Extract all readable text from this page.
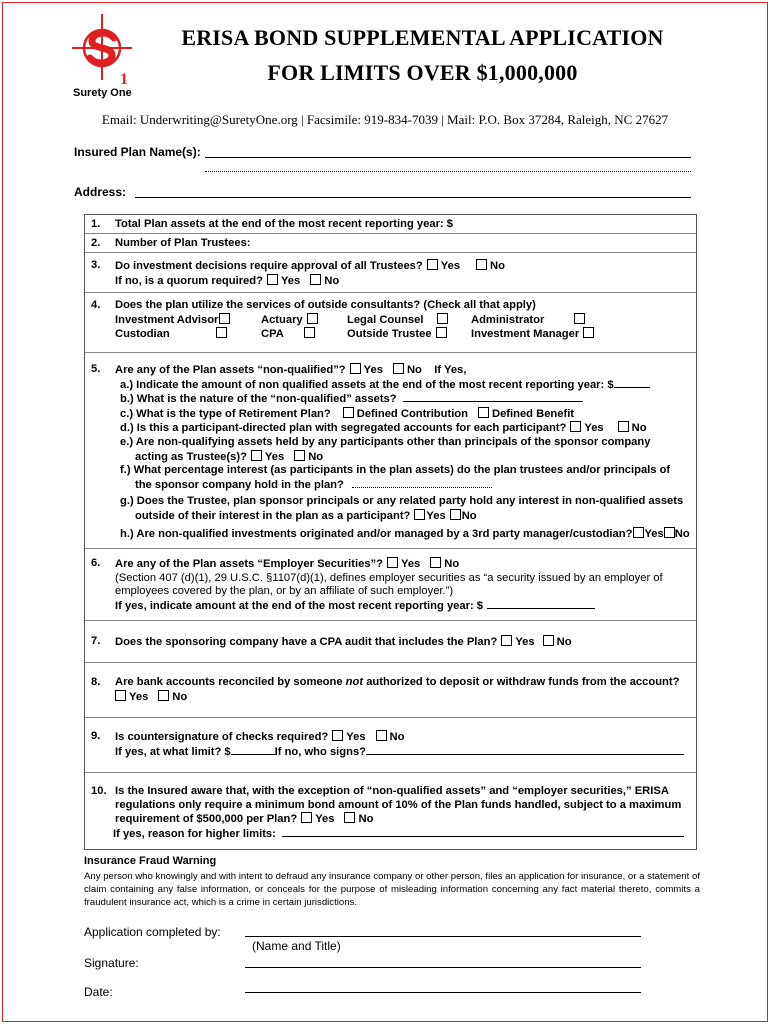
1
Surety One
ERISA BOND SUPPLEMENTAL APPLICATION
FOR LIMITS OVER $1,000,000
Email: Underwriting@SuretyOne.org | Facsimile: 919-834-7039 | Mail: P.O. Box 37284, Raleigh, NC 27627
Insured Plan Name(s):
Address:
1.	Total Plan assets at the end of the most recent reporting year: $
2.	Number of Plan Trustees:
3.	Do investment decisions require approval of all Trustees? Yes	No
If no, is a quorum required? Yes No
4.	Does the plan utilize the services of outside consultants? (Check all that apply)
Investment Advisor	Actuary	Legal Counsel	Administrator
Custodian	CPA	Outside Trustee	Investment Manager
5.	Are any of the Plan assets “non-qualified”? Yes No If Yes,
a.) Indicate the amount of non qualified assets at the end of the most recent reporting year: $
b.) What is the nature of the “non-qualified” assets?
c.) What is the type of Retirement Plan? Defined Contribution Defined Benefit
d.) Is this a participant-directed plan with segregated accounts for each participant? Yes	No
e.) Are non-qualifying assets held by any participants other than principals of the sponsor company
acting as Trustee(s)? Yes No
f.) What percentage interest (as participants in the plan assets) do the plan trustees and/or principals of
the sponsor company hold in the plan?
g.) Does the Trustee, plan sponsor principals or any related party hold any interest in non-qualified assets
outside of their interest in the plan as a participant? Yes No
h.) Are non-qualified investments originated and/or managed by a 3rd party manager/custodian? Yes No
6.	Are any of the Plan assets “Employer Securities”? Yes No
(Section 407 (d)(1), 29 U.S.C. §1107(d)(1), defines employer securities as “a security issued by an employer of
employees covered by the plan, or by an affiliate of such employer.”)
If yes, indicate amount at the end of the most recent reporting year: $
7.	Does the sponsoring company have a CPA audit that includes the Plan? Yes No
8.	Are bank accounts reconciled by someone not authorized to deposit or withdraw funds from the account?
Yes No
9.	Is countersignature of checks required? Yes No
If yes, at what limit? $	If no, who signs?
10. Is the Insured aware that, with the exception of “non-qualified assets” and “employer securities,” ERISA
regulations only require a minimum bond amount of 10% of the Plan funds handled, subject to a maximum
requirement of $500,000 per Plan? Yes No
If yes, reason for higher limits:
Insurance Fraud Warning
Any person who knowingly and with intent to defraud any insurance company or other person, files an application for insurance, or a statement of claim containing any false information, or conceals for the purpose of misleading information concerning any fact material thereto, commits a fraudulent insurance act, which is a crime in certain jurisdictions.
Application completed by:
(Name and Title)
Signature:
Date:
